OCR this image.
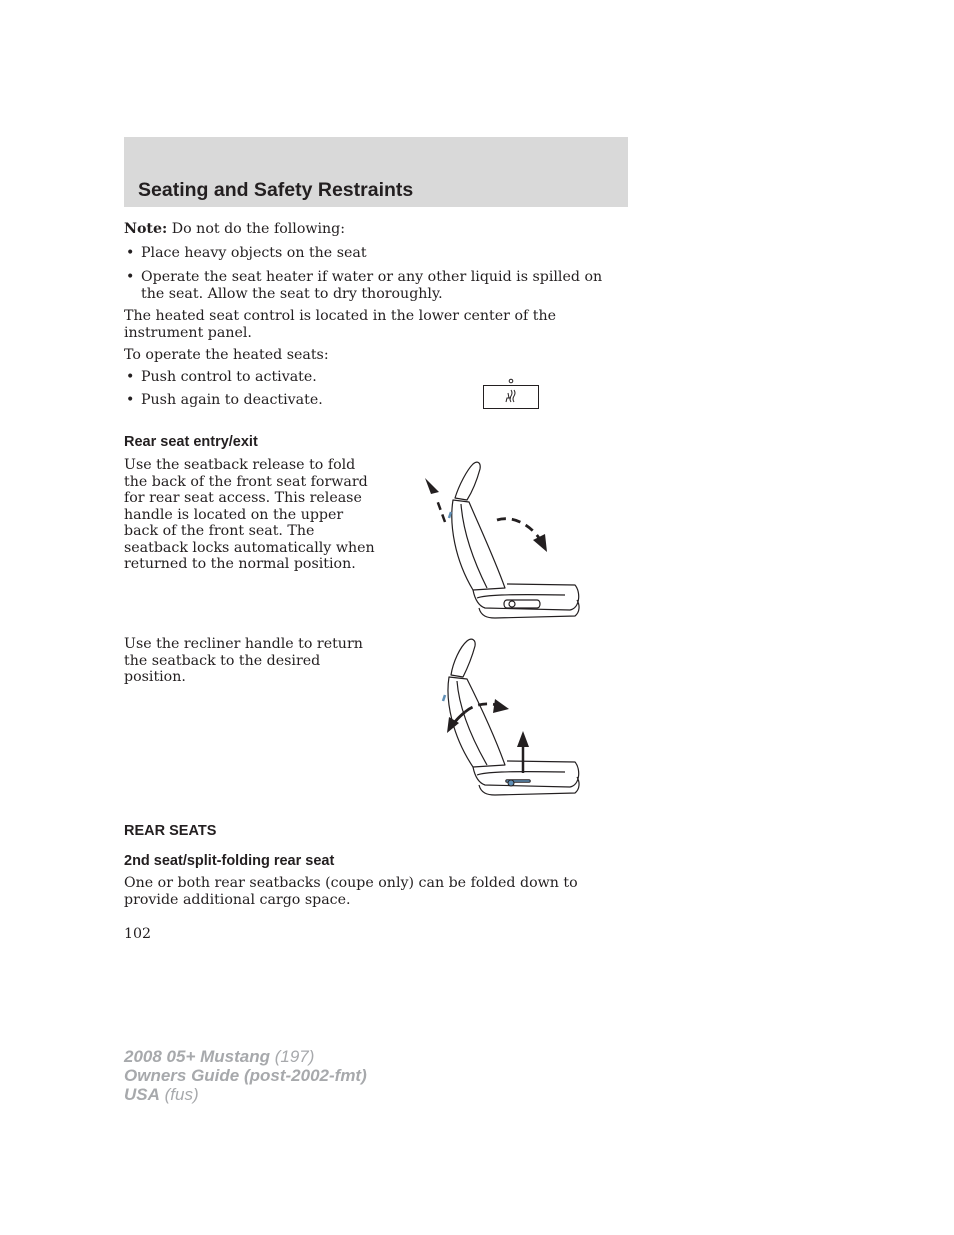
Seating and Safety Restraints

Note: Do not do the following:

• Place heavy objects on the seat
• Operate the seat heater if water or any other liquid is spilled on the seat. Allow the seat to dry thoroughly.

The heated seat control is located in the lower center of the instrument panel.

To operate the heated seats:

• Push control to activate.
• Push again to deactivate.
Rear seat entry/exit

Use the seatback release to fold the back of the front seat forward for rear seat access. This release handle is located on the upper back of the front seat. The seatback locks automatically when returned to the normal position.

Use the recliner handle to return the seatback to the desired position.

REAR SEATS
2nd seat/split-folding rear seat

One or both rear seatbacks (coupe only) can be folded down to provide additional cargo space.

102

2008 05+ Mustang (197)

Owners Guide (post-2002-fmt)

USA (fus)
